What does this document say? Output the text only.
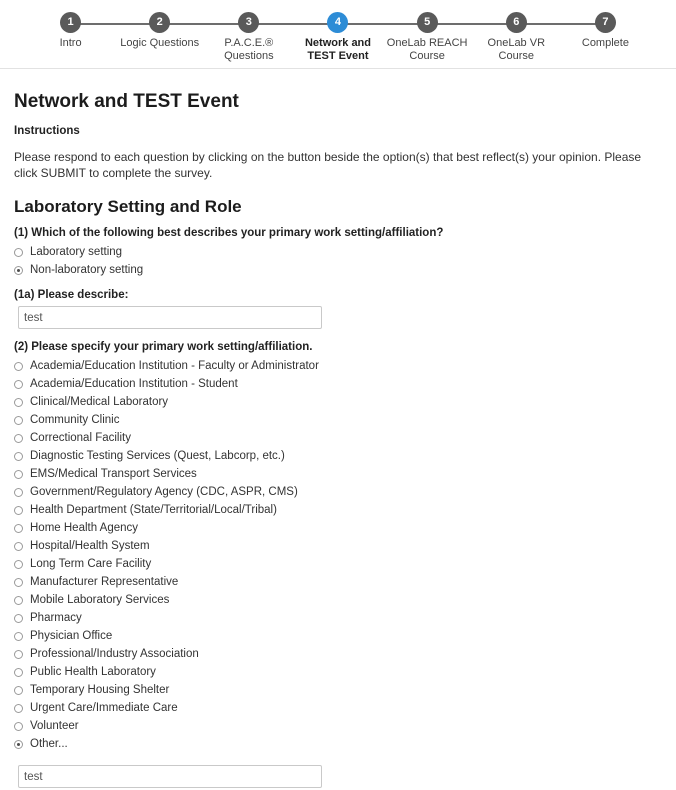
1
Intro
2
Logic Questions
3
P.A.C.E.® Questions
4
Network and TEST Event
5
OneLab REACH Course
6
OneLab VR Course
7
Complete
Network and TEST Event
Instructions
Please respond to each question by clicking on the button beside the option(s) that best reflect(s) your opinion. Please click SUBMIT to complete the survey.
Laboratory Setting and Role
(1) Which of the following best describes your primary work setting/affiliation?
Laboratory setting
Non-laboratory setting
(1a) Please describe:
test
(2) Please specify your primary work setting/affiliation.
Academia/Education Institution - Faculty or Administrator
Academia/Education Institution - Student
Clinical/Medical Laboratory
Community Clinic
Correctional Facility
Diagnostic Testing Services (Quest, Labcorp, etc.)
EMS/Medical Transport Services
Government/Regulatory Agency (CDC, ASPR, CMS)
Health Department (State/Territorial/Local/Tribal)
Home Health Agency
Hospital/Health System
Long Term Care Facility
Manufacturer Representative
Mobile Laboratory Services
Pharmacy
Physician Office
Professional/Industry Association
Public Health Laboratory
Temporary Housing Shelter
Urgent Care/Immediate Care
Volunteer
Other...
test
